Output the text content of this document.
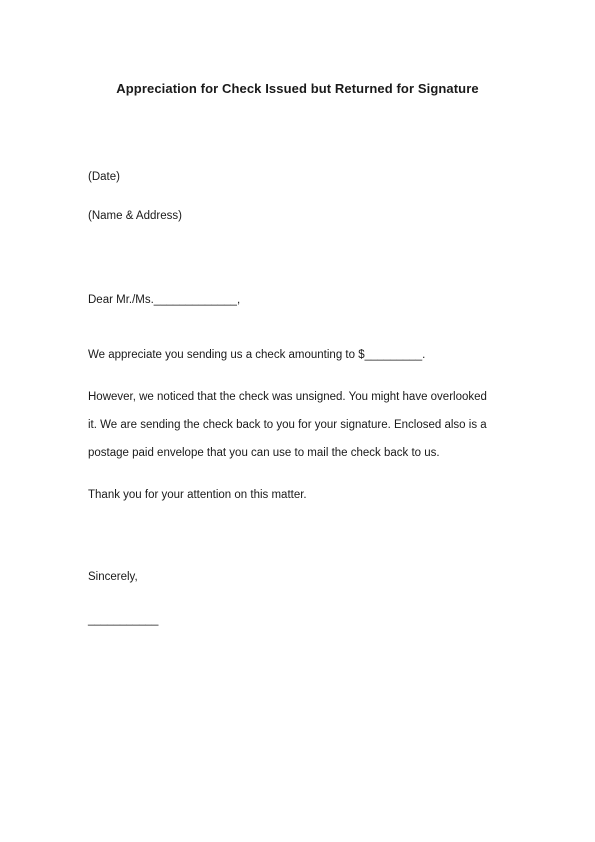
Appreciation for Check Issued but Returned for Signature
(Date)
(Name & Address)
Dear Mr./Ms._____________,
We appreciate you sending us a check amounting to $_________.
However, we noticed that the check was unsigned. You might have overlooked
it. We are sending the check back to you for your signature. Enclosed also is a
postage paid envelope that you can use to mail the check back to us.
Thank you for your attention on this matter.
Sincerely,
___________
